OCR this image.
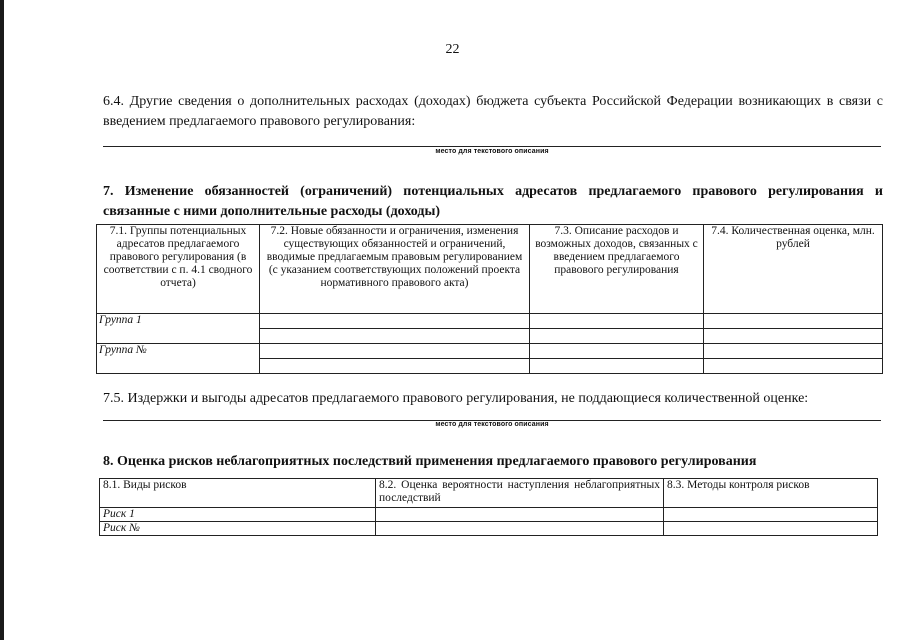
22
6.4. Другие сведения о дополнительных расходах (доходах) бюджета субъекта Российской Федерации возникающих в связи с введением предлагаемого правового регулирования:
место для текстового описания
7. Изменение обязанностей (ограничений) потенциальных адресатов предлагаемого правового регулирования и связанные с ними дополнительные расходы (доходы)
7.1. Группы потенциальных адресатов предлагаемого правового регулирования (в соответствии с п. 4.1 сводного отчета)	7.2. Новые обязанности и ограничения, изменения существующих обязанностей и ограничений, вводимые предлагаемым правовым регулированием (с указанием соответствующих положений проекта нормативного правового акта)	7.3. Описание расходов и возможных доходов, связанных с введением предлагаемого правового регулирования	7.4. Количественная оценка, млн. рублей
Группа 1			

Группа №			

7.5. Издержки и выгоды адресатов предлагаемого правового регулирования, не поддающиеся количественной оценке:
место для текстового описания
8. Оценка рисков неблагоприятных последствий применения предлагаемого правового регулирования
8.1. Виды рисков	8.2. Оценка вероятности наступления неблагоприятных последствий	8.3. Методы контроля рисков
Риск 1		
Риск №		
